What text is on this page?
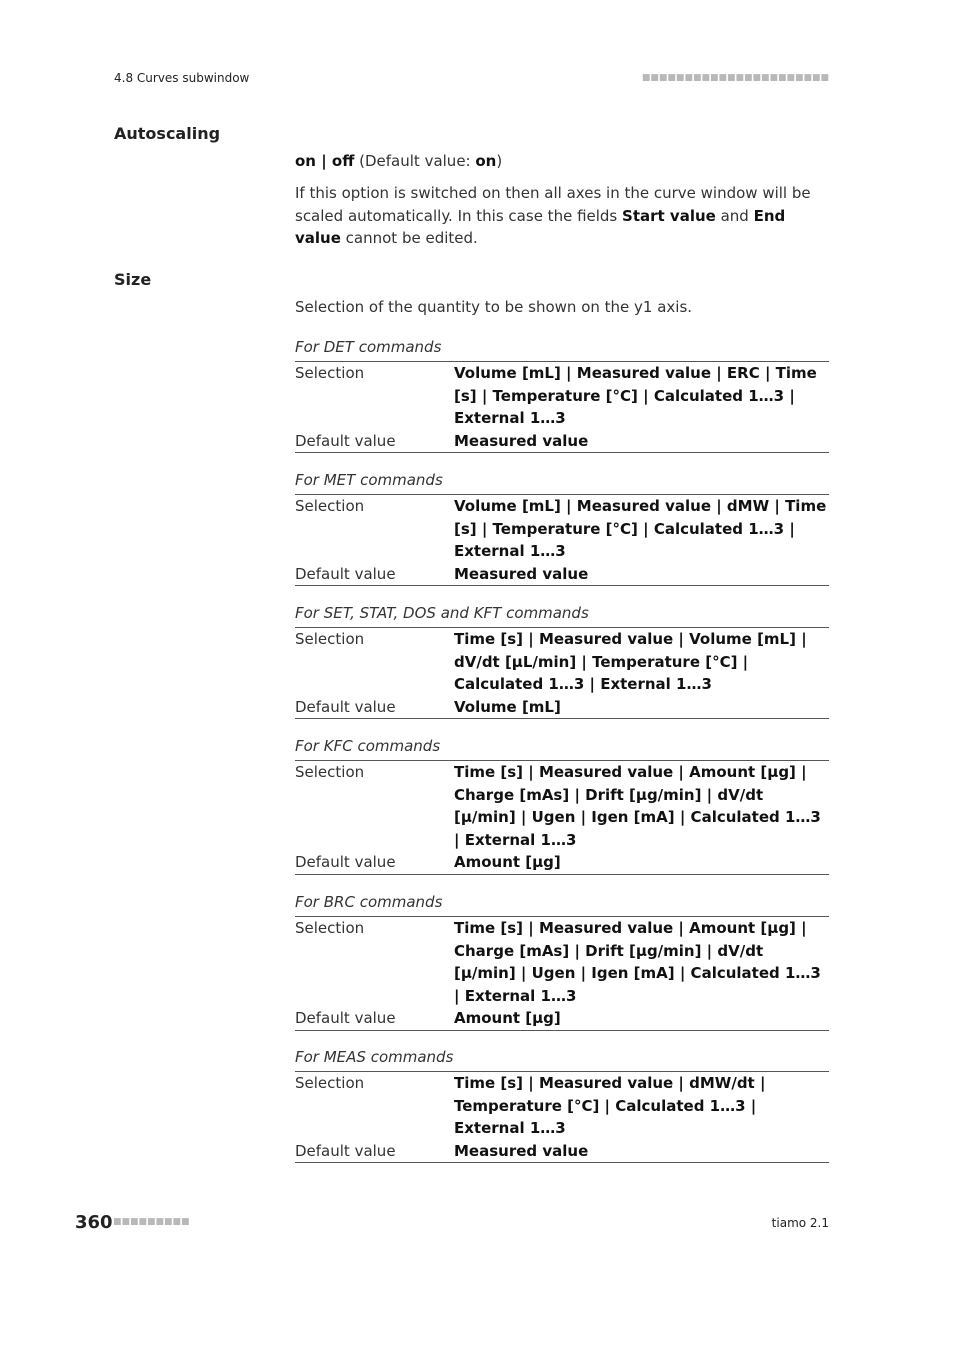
4.8 Curves subwindow	■■■■■■■■■■■■■■■■■■■■■■
Autoscaling
on | off (Default value: on)
If this option is switched on then all axes in the curve window will be scaled automatically. In this case the fields Start value and End value cannot be edited.
Size
Selection of the quantity to be shown on the y1 axis.
For DET commands
Selection	Volume [mL] | Measured value | ERC | Time [s] | Temperature [°C] | Calculated 1…3 | External 1…3
Default value	Measured value
For MET commands
Selection	Volume [mL] | Measured value | dMW | Time [s] | Temperature [°C] | Calculated 1…3 | External 1…3
Default value	Measured value
For SET, STAT, DOS and KFT commands
Selection	Time [s] | Measured value | Volume [mL] | dV/dt [µL/min] | Temperature [°C] | Calculated 1…3 | External 1…3
Default value	Volume [mL]
For KFC commands
Selection	Time [s] | Measured value | Amount [µg] | Charge [mAs] | Drift [µg/min] | dV/dt [µ/min] | Ugen | Igen [mA] | Calculated 1…3 | External 1…3
Default value	Amount [µg]
For BRC commands
Selection	Time [s] | Measured value | Amount [µg] | Charge [mAs] | Drift [µg/min] | dV/dt [µ/min] | Ugen | Igen [mA] | Calculated 1…3 | External 1…3
Default value	Amount [µg]
For MEAS commands
Selection	Time [s] | Measured value | dMW/dt | Temperature [°C] | Calculated 1…3 | External 1…3
Default value	Measured value
360 ■■■■■■■■■	tiamo 2.1
